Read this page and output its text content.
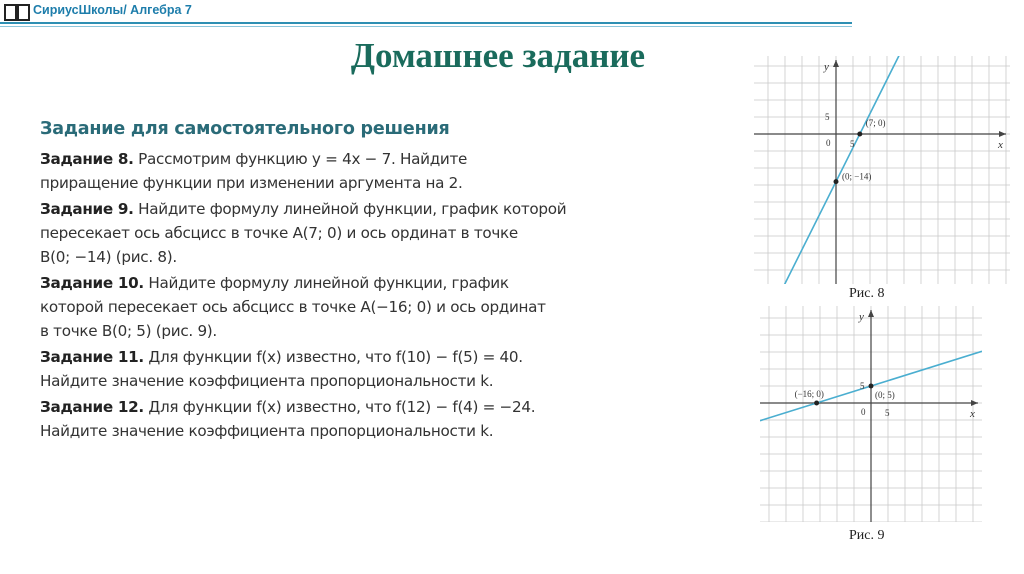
СириусШколы/ Алгебра 7
Домашнее задание
Задание для самостоятельного решения
Задание 8. Рассмотрим функцию y = 4x − 7. Найдите
приращение функции при изменении аргумента на 2.
Задание 9. Найдите формулу линейной функции, график которой
пересекает ось абсцисс в точке A(7; 0) и ось ординат в точке
B(0; −14) (рис. 8).
Задание 10. Найдите формулу линейной функции, график
которой пересекает ось абсцисс в точке A(−16; 0) и ось ординат
в точке B(0; 5) (рис. 9).
Задание 11. Для функции f(x) известно, что f(10) − f(5) = 40.
Найдите значение коэффициента пропорциональности k.
Задание 12. Для функции f(x) известно, что f(12) − f(4) = −24.
Найдите значение коэффициента пропорциональности k.
(7; 0)
(0; −14)
x
y
0 5
5
Рис. 8
(−16; 0)	(0; 5)
x
y
0 5
5
Рис. 9
